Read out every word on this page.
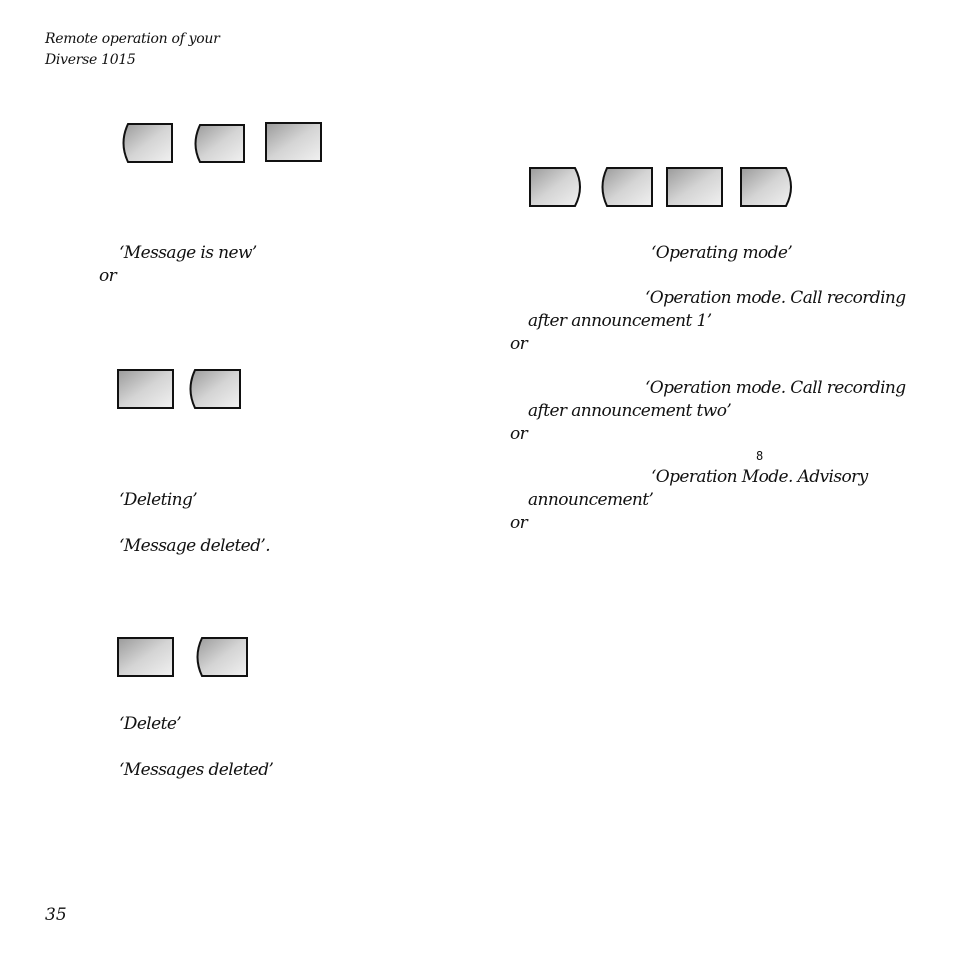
Remote operation of your
Diverse 1015
‘Message is new’
or
‘Deleting’
‘Message deleted’.
‘Delete’
‘Messages deleted’
‘Operating mode’
‘Operation mode. Call recording
after announcement 1’
or
‘Operation mode. Call recording
after announcement two’
or
8
‘Operation Mode. Advisory
announcement’
or
35
